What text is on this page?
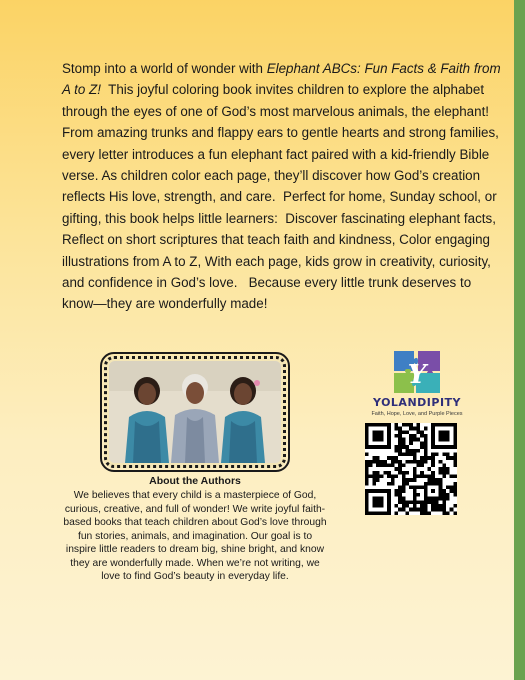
Stomp into a world of wonder with Elephant ABCs: Fun Facts & Faith from A to Z!  This joyful coloring book invites children to explore the alphabet through the eyes of one of God’s most marvelous animals, the elephant!  From amazing trunks and flappy ears to gentle hearts and strong families, every letter introduces a fun elephant fact paired with a kid-friendly Bible verse. As children color each page, they’ll discover how God’s creation reflects His love, strength, and care.  Perfect for home, Sunday school, or gifting, this book helps little learners:  Discover fascinating elephant facts, Reflect on short scriptures that teach faith and kindness, Color engaging illustrations from A to Z, With each page, kids grow in creativity, curiosity, and confidence in God’s love.   Because every little trunk deserves to know—they are wonderfully made!

About the Authors

We believes that every child is a masterpiece of God, curious, creative, and full of wonder! We write joyful faith-based books that teach children about God’s love through fun stories, animals, and imagination. Our goal is to inspire little readers to dream big, shine bright, and know they are wonderfully made. When we’re not writing, we love to find God’s beauty in everyday life.

Y
YOLANDIPITY
Faith, Hope, Love, and Purple Pieces
